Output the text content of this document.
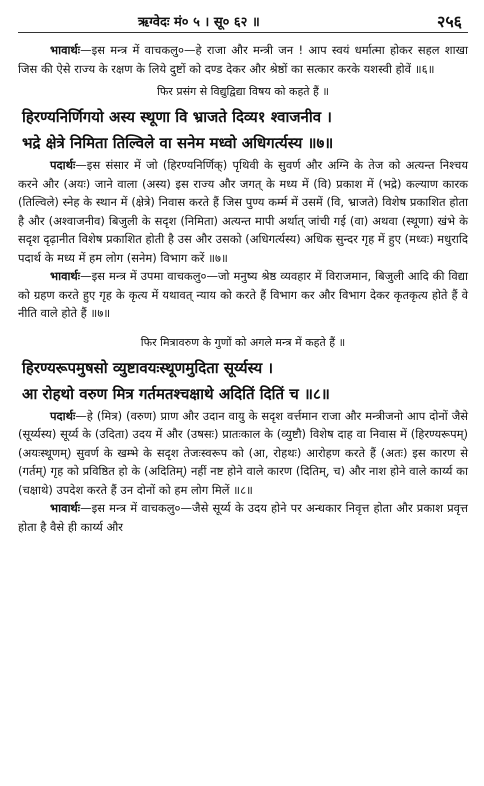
ऋग्वेदः मं० ५ । सू० ६२ ॥	२५६

भावार्थः—इस मन्त्र में वाचकलु०—हे राजा और मन्त्री जन ! आप स्वयं धर्मात्मा होकर सहल शाखा जिस की ऐसे राज्य के रक्षण के लिये दुष्टों को दण्ड देकर और श्रेष्ठों का सत्कार करके यशस्वी होवें ॥६॥

फिर प्रसंग से विद्युद्विद्या विषय को कहते हैं ॥

हिरण्यनिर्णिगयो अस्य स्थूणा वि भ्राजते दिव्य१ श्वाजनीव ।

भद्रे क्षेत्रे निमिता तिल्विले वा सनेम मध्वो अधिगर्त्यस्य ॥७॥

पदार्थः—इस संसार में जो (हिरण्यनिर्णिक्) पृथिवी के सुवर्ण और अग्नि के तेज को अत्यन्त निश्चय करने और (अयः) जाने वाला (अस्य) इस राज्य और जगत् के मध्य में (वि) प्रकाश में (भद्रे) कल्याण कारक (तिल्विले) स्नेह के स्थान में (क्षेत्रे) निवास करते हैं जिस पुण्य कर्म्म में उसमें (वि, भ्राजते) विशेष प्रकाशित होता है और (अश्वाजनीव) बिजुली के सदृश (निमिता) अत्यन्त मापी अर्थात् जांची गई (वा) अथवा (स्थूणा) खंभे के सदृश दृढ़ानीत विशेष प्रकाशित होती है उस और उसको (अधिगर्त्यस्य) अधिक सुन्दर गृह में हुए (मध्वः) मधुरादि पदार्थ के मध्य में हम लोग (सनेम) विभाग करें ॥७॥

भावार्थः—इस मन्त्र में उपमा वाचकलु०—जो मनुष्य श्रेष्ठ व्यवहार में विराजमान, बिजुली आदि की विद्या को ग्रहण करते हुए गृह के कृत्य में यथावत् न्याय को करते हैं विभाग कर और विभाग देकर कृतकृत्य होते हैं वे नीति वाले होते हैं ॥७॥

फिर मित्रावरुण के गुणों को अगले मन्त्र में कहते हैं ॥

हिरण्यरूपमुषसो व्युष्टावयःस्थूणमुदिता सूर्य्यस्य ।

आ रोहथो वरुण मित्र गर्तमतश्चक्षाथे अदितिं दितिं च ॥८॥

पदार्थः—हे (मित्र) (वरुण) प्राण और उदान वायु के सदृश वर्त्तमान राजा और मन्त्रीजनो आप दोनों जैसे (सूर्य्यस्य) सूर्य्य के (उदिता) उदय में और (उषसः) प्रातःकाल के (व्युष्टौ) विशेष दाह वा निवास में (हिरण्यरूपम्) (अयःस्थूणम्) सुवर्ण के खम्भे के सदृश तेजःस्वरूप को (आ, रोहथः) आरोहण करते हैं (अतः) इस कारण से (गर्तम्) गृह को प्रविष्ठित हो के (अदितिम्) नहीं नष्ट होने वाले कारण (दितिम्, च) और नाश होने वाले कार्य्य का (चक्षाथे) उपदेश करते हैं उन दोनों को हम लोग मिलें ॥८॥

भावार्थः—इस मन्त्र में वाचकलु०—जैसे सूर्य्य के उदय होने पर अन्धकार निवृत्त होता और प्रकाश प्रवृत्त होता है वैसे ही कार्य्य और
